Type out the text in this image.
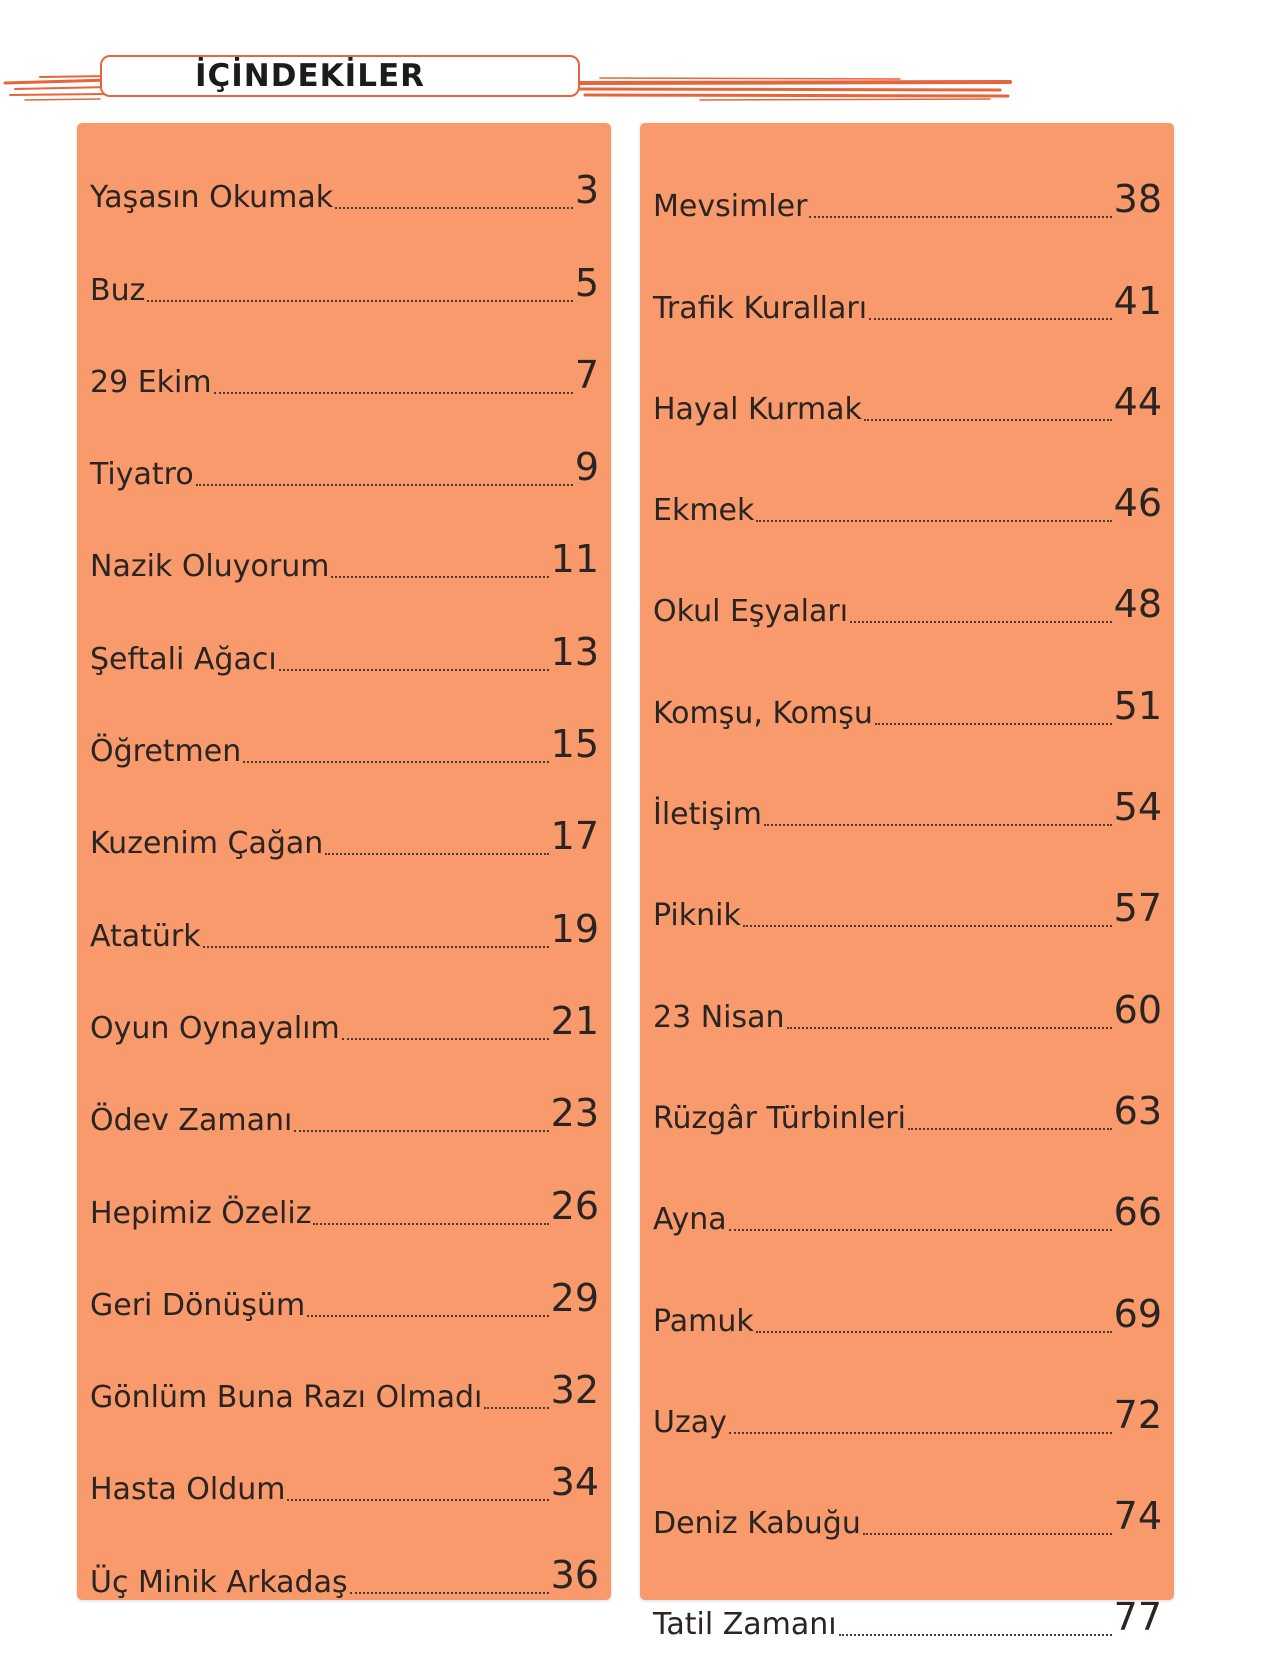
İÇİNDEKİLER
Yaşasın Okumak	3
Buz	5
29 Ekim	7
Tiyatro	9
Nazik Oluyorum	11
Şeftali Ağacı	13
Öğretmen	15
Kuzenim Çağan	17
Atatürk	19
Oyun Oynayalım	21
Ödev Zamanı	23
Hepimiz Özeliz	26
Geri Dönüşüm	29
Gönlüm Buna Razı Olmadı 32
Hasta Oldum	34
Üç Minik Arkadaş	36
Mevsimler	38
Trafik Kuralları	41
Hayal Kurmak	44
Ekmek	46
Okul Eşyaları	48
Komşu, Komşu	51
İletişim	54
Piknik	57
23 Nisan	60
Rüzgâr Türbinleri	63
Ayna	66
Pamuk	69
Uzay	72
Deniz Kabuğu	74
Tatil Zamanı	77
